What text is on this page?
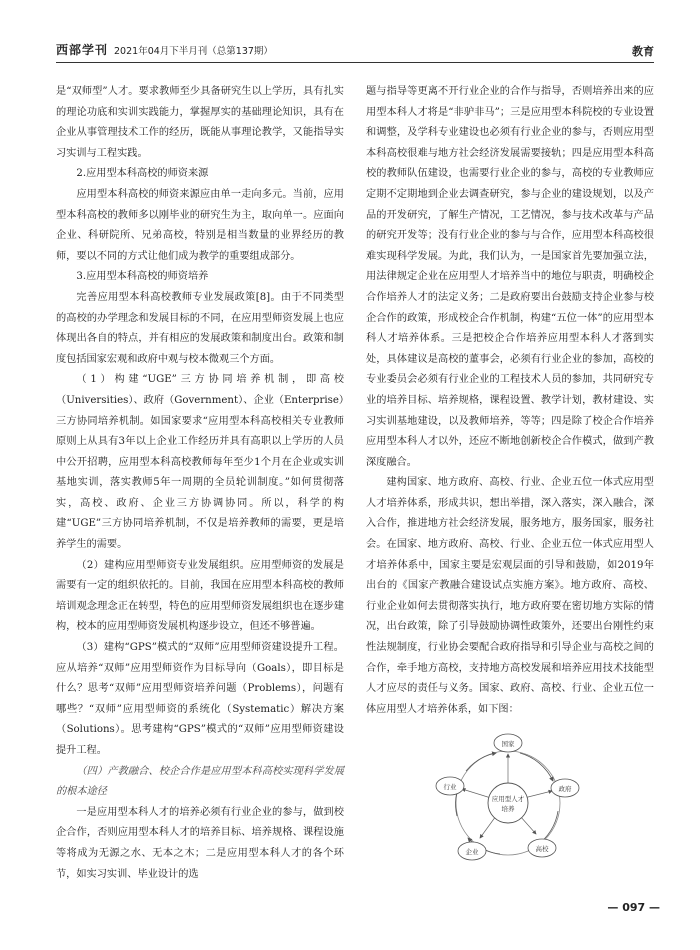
西部学刊 2021年04月下半月刊（总第137期）	教育

是“双师型”人才。要求教师至少具备研究生以上学历，具有扎实的理论功底和实训实践能力，掌握厚实的基础理论知识，具有在企业从事管理技术工作的经历，既能从事理论教学，又能指导实习实训与工程实践。

2.应用型本科高校的师资来源

应用型本科高校的师资来源应由单一走向多元。当前，应用型本科高校的教师多以刚毕业的研究生为主，取向单一。应面向企业、科研院所、兄弟高校，特别是相当数量的业界经历的教师，要以不同的方式让他们成为教学的重要组成部分。

3.应用型本科高校的师资培养

完善应用型本科高校教师专业发展政策[8]。由于不同类型的高校的办学理念和发展目标的不同，在应用型师资发展上也应体现出各自的特点，并有相应的发展政策和制度出台。政策和制度包括国家宏观和政府中观与校本微观三个方面。

（1）构建“UGE”三方协同培养机制，即高校（Universities）、政府（Government）、企业（Enterprise）三方协同培养机制。如国家要求“应用型本科高校相关专业教师原则上从具有3年以上企业工作经历并具有高职以上学历的人员中公开招聘，应用型本科高校教师每年至少1个月在企业或实训基地实训，落实教师5年一周期的全员轮训制度。”如何贯彻落实，高校、政府、企业三方协调协同。所以，科学的构建“UGE”三方协同培养机制，不仅是培养教师的需要，更是培养学生的需要。

（2）建构应用型师资专业发展组织。应用型师资的发展是需要有一定的组织依托的。目前，我国在应用型本科高校的教师培训观念理念正在转型，特色的应用型师资发展组织也在逐步建构，校本的应用型师资发展机构逐步设立，但还不够普遍。

（3）建构“GPS”模式的“双师”应用型师资建设提升工程。应从培养“双师”应用型师资作为目标导向（Goals），即目标是什么？思考“双师”应用型师资培养问题（Problems），问题有哪些？“双师”应用型师资的系统化（Systematic）解决方案（Solutions）。思考建构“GPS”模式的“双师”应用型师资建设提升工程。

（四）产教融合、校企合作是应用型本科高校实现科学发展的根本途径

一是应用型本科人才的培养必须有行业企业的参与，做到校企合作，否则应用型本科人才的培养目标、培养规格、课程设施等将成为无源之水、无本之木；二是应用型本科人才的各个环节，如实习实训、毕业设计的选

题与指导等更离不开行业企业的合作与指导，否则培养出来的应用型本科人才将是“非驴非马”；三是应用型本科院校的专业设置和调整，及学科专业建设也必须有行业企业的参与，否则应用型本科高校很难与地方社会经济发展需要接轨；四是应用型本科高校的教师队伍建设，也需要行业企业的参与，高校的专业教师应定期不定期地到企业去调查研究，参与企业的建设规划，以及产品的开发研究，了解生产情况，工艺情况，参与技术改革与产品的研究开发等；没有行业企业的参与与合作，应用型本科高校很难实现科学发展。为此，我们认为，一是国家首先要加强立法，用法律规定企业在应用型人才培养当中的地位与职责，明确校企合作培养人才的法定义务；二是政府要出台鼓励支持企业参与校企合作的政策，形成校企合作机制，构建“五位一体”的应用型本科人才培养体系。三是把校企合作培养应用型本科人才落到实处，具体建议是高校的董事会，必须有行业企业的参加，高校的专业委员会必须有行业企业的工程技术人员的参加，共同研究专业的培养目标、培养规格，课程设置、教学计划，教材建设、实习实训基地建设，以及教师培养，等等；四是除了校企合作培养应用型本科人才以外，还应不断地创新校企合作模式，做到产教深度融合。

建构国家、地方政府、高校、行业、企业五位一体式应用型人才培养体系，形成共识，想出举措，深入落实，深入融合，深入合作，推进地方社会经济发展，服务地方，服务国家，服务社会。在国家、地方政府、高校、行业、企业五位一体式应用型人才培养体系中，国家主要是宏观层面的引导和鼓励，如2019年出台的《国家产教融合建设试点实施方案》。地方政府、高校、行业企业如何去贯彻落实执行，地方政府要在密切地方实际的情况，出台政策，除了引导鼓励协调性政策外，还要出台刚性约束性法规制度，行业协会要配合政府指导和引导企业与高校之间的合作，牵手地方高校，支持地方高校发展和培养应用技术技能型人才应尽的责任与义务。国家、政府、高校、行业、企业五位一体应用型人才培养体系，如下图：

应用型人才
培养
国家
政府
高校
企业
行业
— 097 —
